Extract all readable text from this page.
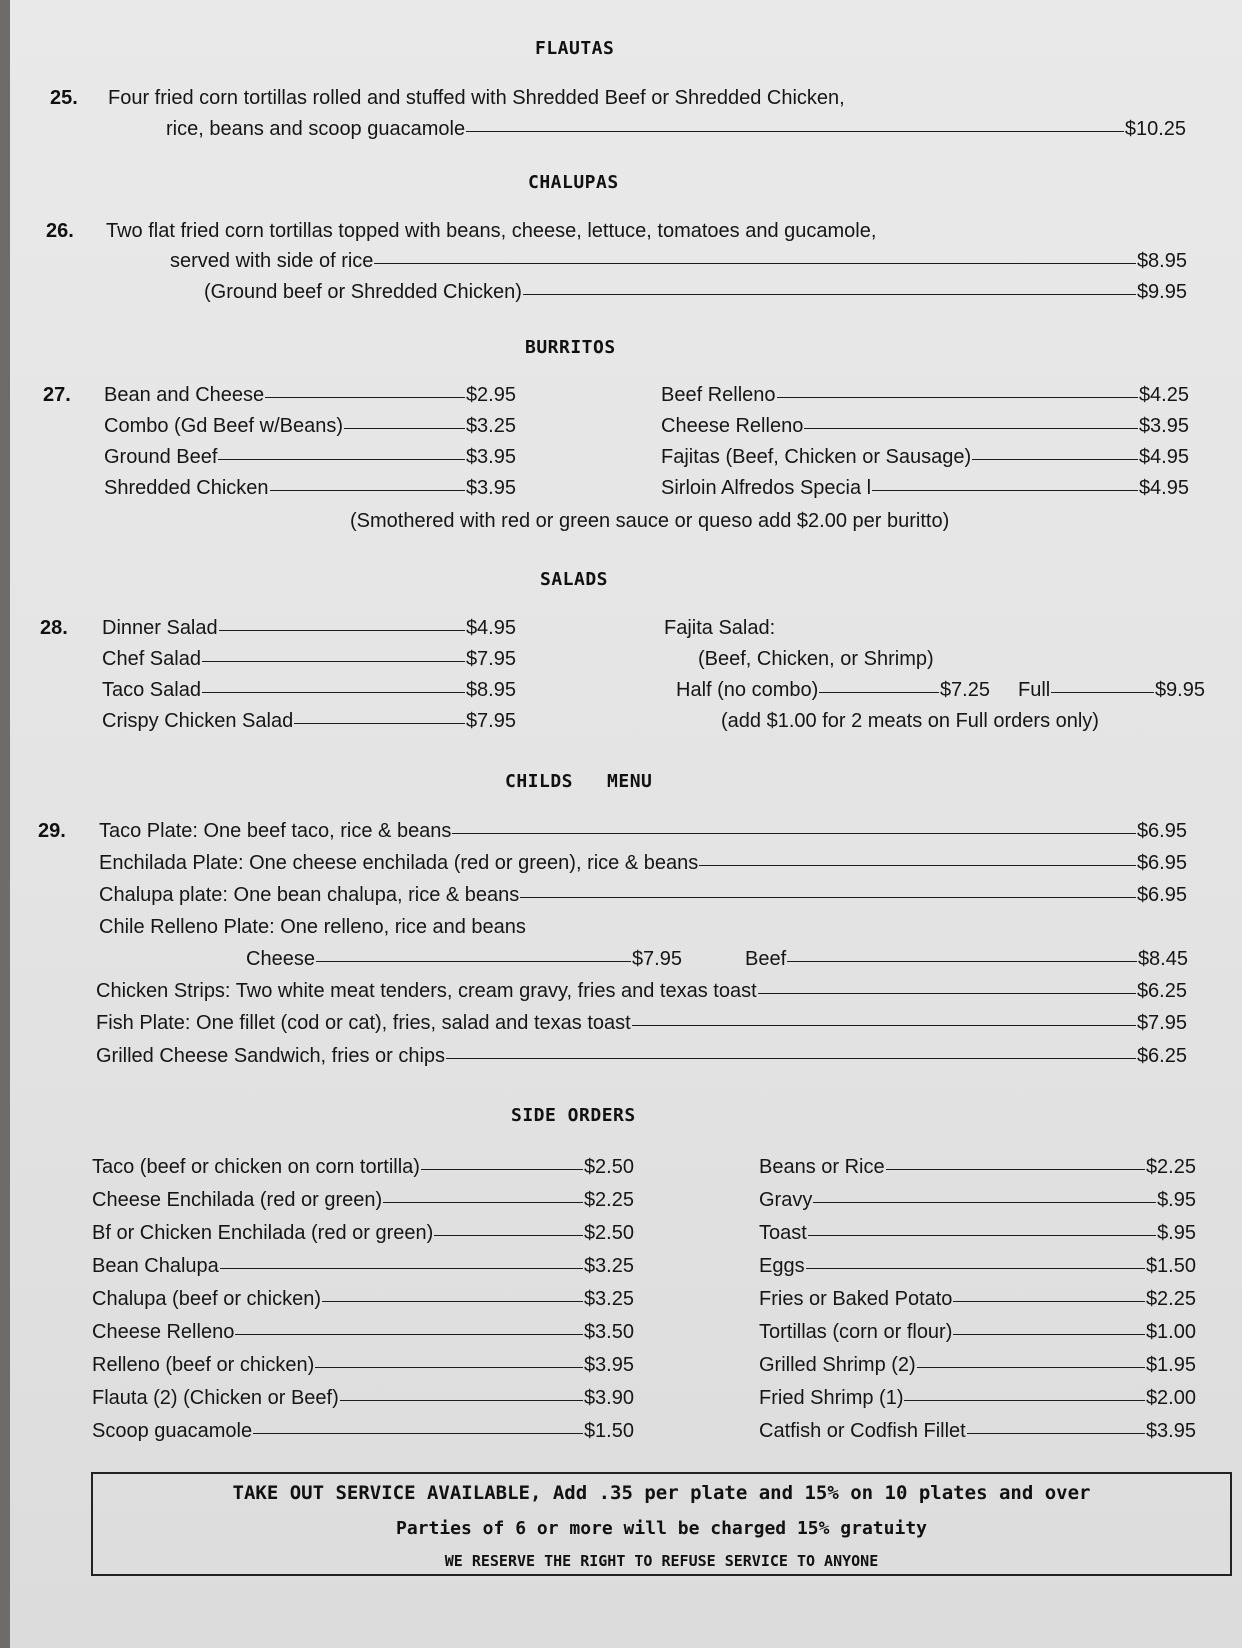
FLAUTAS
25. Four fried corn tortillas rolled and stuffed with Shredded Beef or Shredded Chicken,
rice, beans and scoop guacamole	$10.25
CHALUPAS
26. Two flat fried corn tortillas topped with beans, cheese, lettuce, tomatoes and gucamole,
served with side of rice	$8.95
(Ground beef or Shredded Chicken)	$9.95
BURRITOS
27. Bean and Cheese	$2.95
Combo (Gd Beef w/Beans)	$3.25
Ground Beef	$3.95
Shredded Chicken	$3.95
Beef Relleno	$4.25
Cheese Relleno	$3.95
Fajitas (Beef, Chicken or Sausage)	$4.95
Sirloin Alfredos Specia l	$4.95
(Smothered with red or green sauce or queso add $2.00 per buritto)
SALADS
28. Dinner Salad	$4.95
Chef Salad	$7.95
Taco Salad	$8.95
Crispy Chicken Salad	$7.95
Fajita Salad:
(Beef, Chicken, or Shrimp)
Half (no combo)	$7.25 Full	$9.95
(add $1.00 for 2 meats on Full orders only)
CHILDS   MENU
29. Taco Plate: One beef taco, rice & beans	$6.95
Enchilada Plate: One cheese enchilada (red or green), rice & beans	$6.95
Chalupa plate: One bean chalupa, rice & beans	$6.95
Chile Relleno Plate: One relleno, rice and beans
Cheese	$7.95	Beef	$8.45
Chicken Strips: Two white meat tenders, cream gravy, fries and texas toast	$6.25
Fish Plate: One fillet (cod or cat), fries, salad and texas toast	$7.95
Grilled Cheese Sandwich, fries or chips	$6.25
SIDE ORDERS
Taco (beef or chicken on corn tortilla)	$2.50
Cheese Enchilada (red or green)	$2.25
Bf or Chicken Enchilada (red or green)	$2.50
Bean Chalupa	$3.25
Chalupa (beef or chicken)	$3.25
Cheese Relleno	$3.50
Relleno (beef or chicken)	$3.95
Flauta (2) (Chicken or Beef)	$3.90
Scoop guacamole	$1.50
Beans or Rice	$2.25
Gravy	$.95
Toast	$.95
Eggs	$1.50
Fries or Baked Potato	$2.25
Tortillas (corn or flour)	$1.00
Grilled Shrimp (2)	$1.95
Fried Shrimp (1)	$2.00
Catfish or Codfish Fillet	$3.95
TAKE OUT SERVICE AVAILABLE, Add .35 per plate and 15% on 10 plates and over
Parties of 6 or more will be charged 15% gratuity
WE RESERVE THE RIGHT TO REFUSE SERVICE TO ANYONE
